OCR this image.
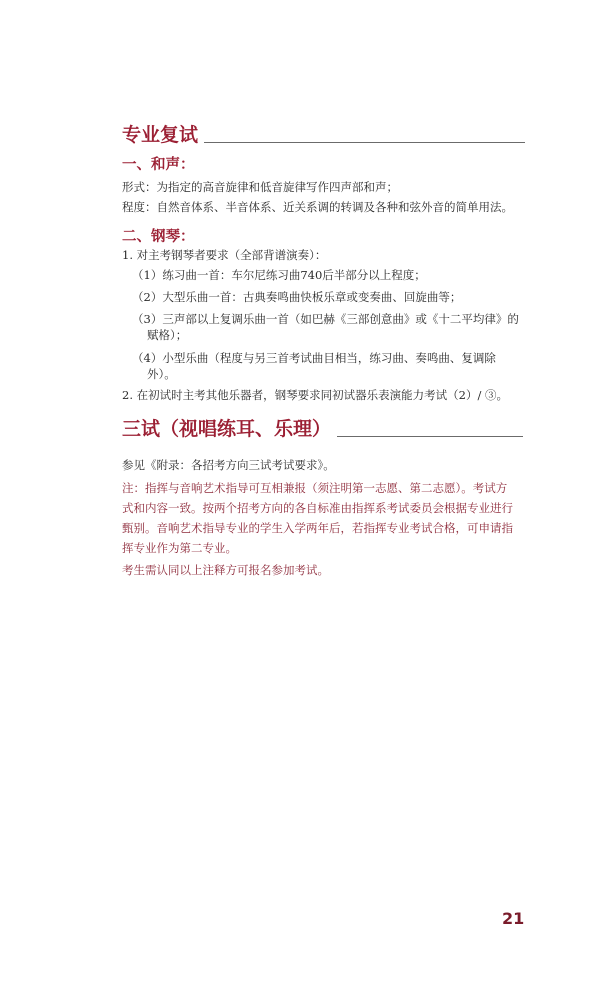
专业复试
一、和声：
形式：为指定的高音旋律和低音旋律写作四声部和声；
程度：自然音体系、半音体系、近关系调的转调及各种和弦外音的简单用法。
二、钢琴：
1. 对主考钢琴者要求（全部背谱演奏）：
（1）练习曲一首：车尔尼练习曲740后半部分以上程度；
（2）大型乐曲一首：古典奏鸣曲快板乐章或变奏曲、回旋曲等；
（3）三声部以上复调乐曲一首（如巴赫《三部创意曲》或《十二平均律》的
赋格）；
（4）小型乐曲（程度与另三首考试曲目相当，练习曲、奏鸣曲、复调除
外）。
2. 在初试时主考其他乐器者，钢琴要求同初试器乐表演能力考试（2）/ ③。
三试（视唱练耳、乐理）
参见《附录：各招考方向三试考试要求》。
注：指挥与音响艺术指导可互相兼报（须注明第一志愿、第二志愿）。考试方
式和内容一致。按两个招考方向的各自标准由指挥系考试委员会根据专业进行
甄别。音响艺术指导专业的学生入学两年后，若指挥专业考试合格，可申请指
挥专业作为第二专业。
考生需认同以上注释方可报名参加考试。
21
